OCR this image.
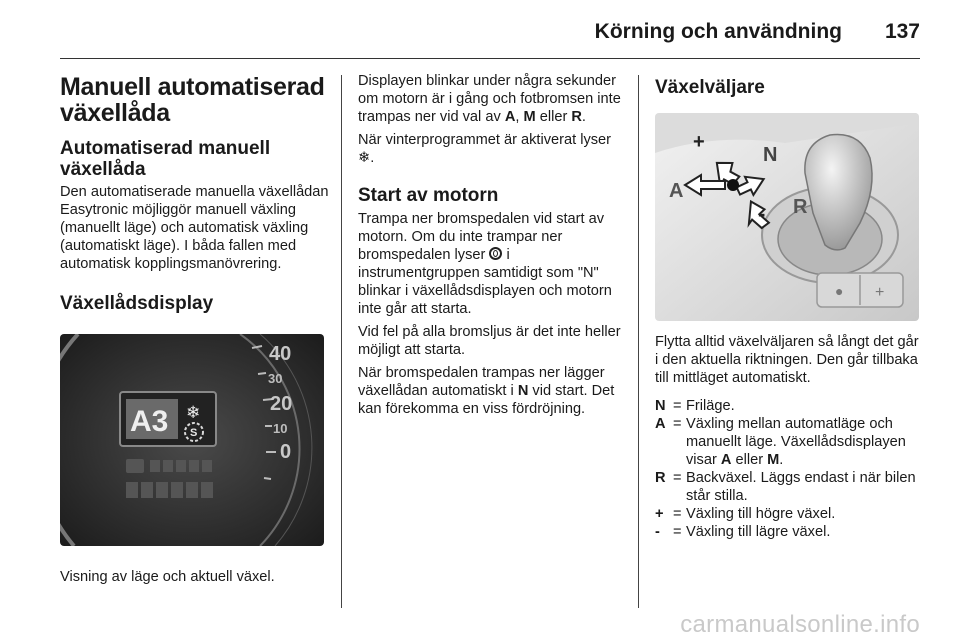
Körning och användning 137
Manuell automatiserad växellåda
Automatiserad manuell växellåda

Den automatiserade manuella växellådan Easytronic möjliggör manuell växling (manuellt läge) och automatisk växling (automatiskt läge). I båda fallen med automatisk kopplingsmanövrering.

Växellådsdisplay
40
30
20
10
0
A3 ❄
S

Visning av läge och aktuell växel.

Displayen blinkar under några sekunder om motorn är i gång och fotbromsen inte trampas ner vid val av A, M eller R.

När vinterprogrammet är aktiverat lyser ❄.

Start av motorn

Trampa ner bromspedalen vid start av motorn. Om du inte trampar ner bromspedalen lyser i instrumentgruppen samtidigt som "N" blinkar i växellådsdisplayen och motorn inte går att starta.

Vid fel på alla bromsljus är det inte heller möjligt att starta.

När bromspedalen trampas ner lägger växellådan automatiskt i N vid start. Det kan förekomma en viss fördröjning.

Växelväljare
● +
+
N
A
R
-

Flytta alltid växelväljaren så långt det går i den aktuella riktningen. Den går tillbaka till mittläget automatiskt.

N = Friläge.
A = Växling mellan automatläge och manuellt läge. Växellådsdisplayen visar A eller M.
R = Backväxel. Läggs endast i när bilen står stilla.
+ = Växling till högre växel.
- = Växling till lägre växel.
carmanualsonline.info
